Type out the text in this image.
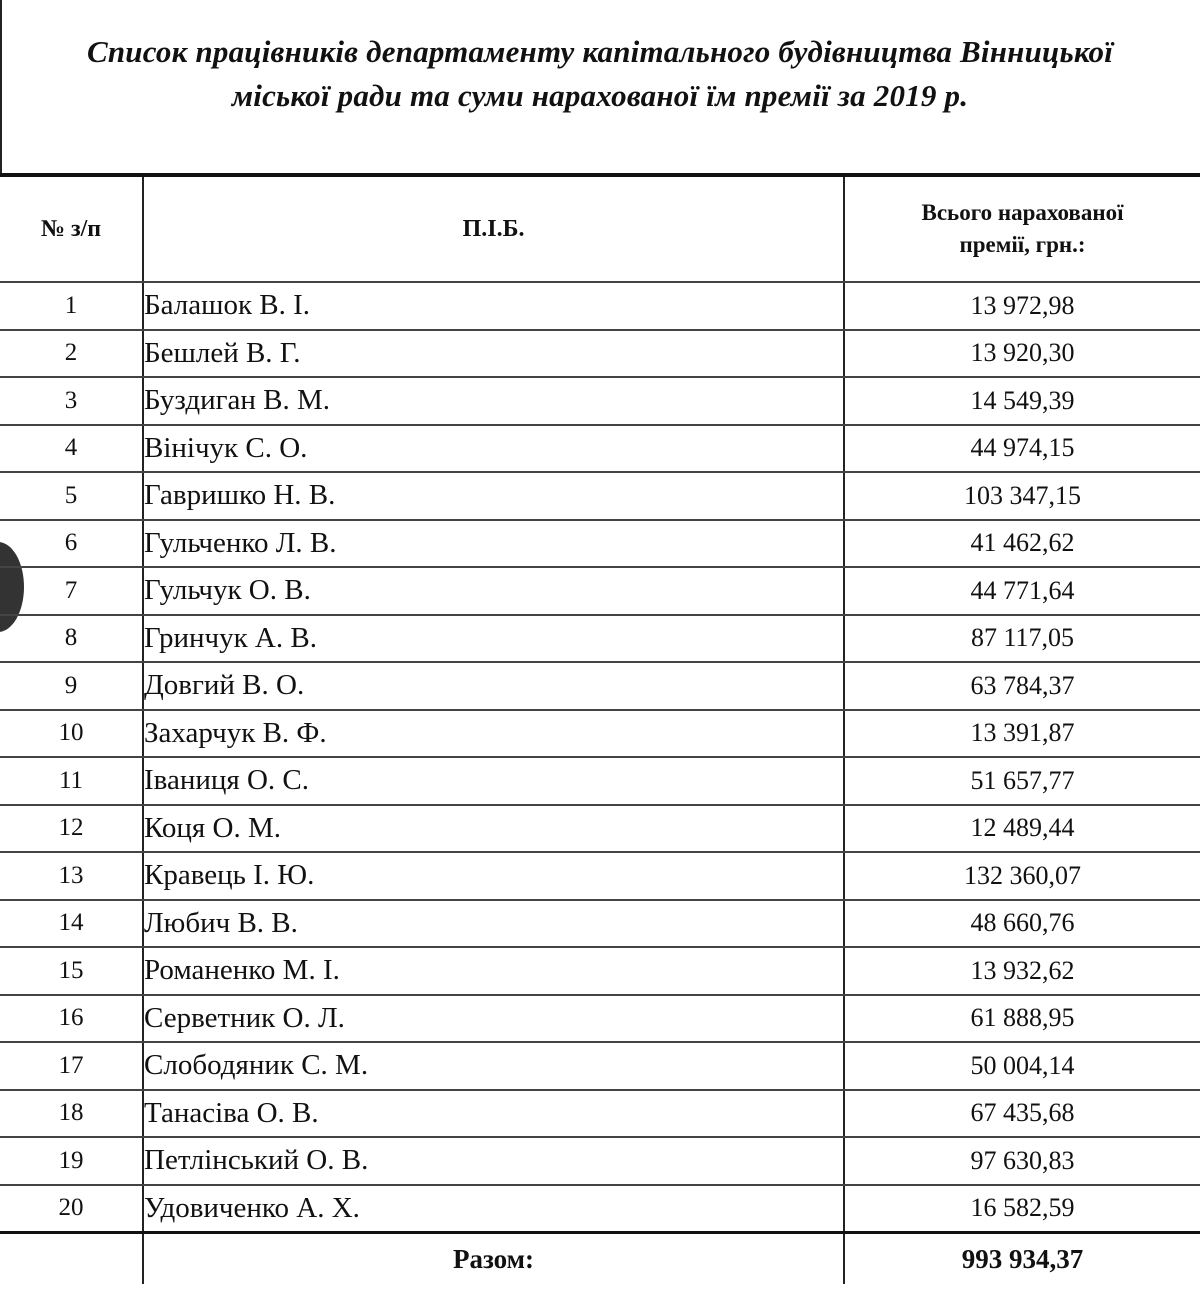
Список працівників департаменту капітального будівництва Вінницької
міської ради та суми нарахованої їм премії за 2019 р.
№ з/п	П.І.Б.	Всього нарахованої
премії, грн.:

1	Балашок В. І.	13 972,98
2	Бешлей В. Г.	13 920,30
3	Буздиган В. М.	14 549,39
4	Вінічук С. О.	44 974,15
5	Гавришко Н. В.	103 347,15
6	Гульченко Л. В.	41 462,62
7	Гульчук О. В.	44 771,64
8	Гринчук А. В.	87 117,05
9	Довгий В. О.	63 784,37
10	Захарчук В. Ф.	13 391,87
11	Іваниця О. С.	51 657,77
12	Коця О. М.	12 489,44
13	Кравець І. Ю.	132 360,07
14	Любич В. В.	48 660,76
15	Романенко М. І.	13 932,62
16	Серветник О. Л.	61 888,95
17	Слободяник С. М.	50 004,14
18	Танасіва О. В.	67 435,68
19	Петлінський О. В.	97 630,83
20	Удовиченко А. Х.	16 582,59
	Разом:	993 934,37
